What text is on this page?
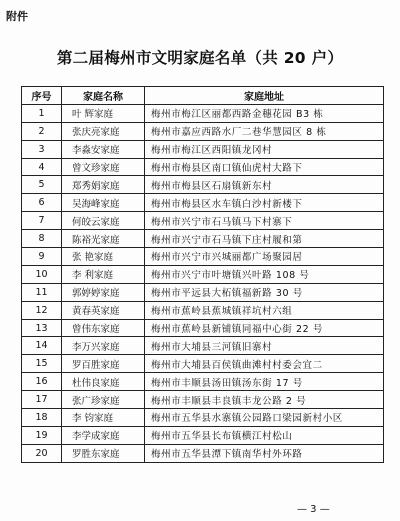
附件
第二届梅州市文明家庭名单（共 20 户）
序号	家庭名称	家庭地址
1	叶 辉家庭	梅州市梅江区丽都西路金穗花园 B3 栋
2	张庆亮家庭	梅州市嘉应西路水厂二巷华慧园区 8 栋
3	李淼安家庭	梅州市梅江区西阳镇龙冈村
4	曾文珍家庭	梅州市梅县区南口镇仙虎村大路下
5	郑秀娟家庭	梅州市梅县区石扇镇新东村
6	吴海峰家庭	梅州市梅县区水车镇白沙村新楼下
7	何皎云家庭	梅州市兴宁市石马镇马下村寨下
8	陈裕光家庭	梅州市兴宁市石马镇下庄村履和第
9	张 艳家庭	梅州市兴宁市兴城丽都广场聚园居
10	李 利家庭	梅州市兴宁市叶塘镇兴叶路 108 号
11	郭婷婷家庭	梅州市平远县大柘镇福新路 30 号
12	黄春英家庭	梅州市蕉岭县蕉城镇祥坑村六组
13	曾伟东家庭	梅州市蕉岭县新铺镇同福中心街 22 号
14	李万兴家庭	梅州市大埔县三河镇旧寨村
15	罗百胜家庭	梅州市大埔县百侯镇曲滩村村委会宜二
16	杜伟良家庭	梅州市丰顺县汤田镇汤东街 17 号
17	张广珍家庭	梅州市丰顺县丰良镇丰龙公路 2 号
18	李 钧家庭	梅州市五华县水寨镇公园路口梁园新村小区
19	李学成家庭	梅州市五华县长布镇横江村松山
20	罗胜东家庭	梅州市五华县潭下镇南华村外环路
— 3 —
